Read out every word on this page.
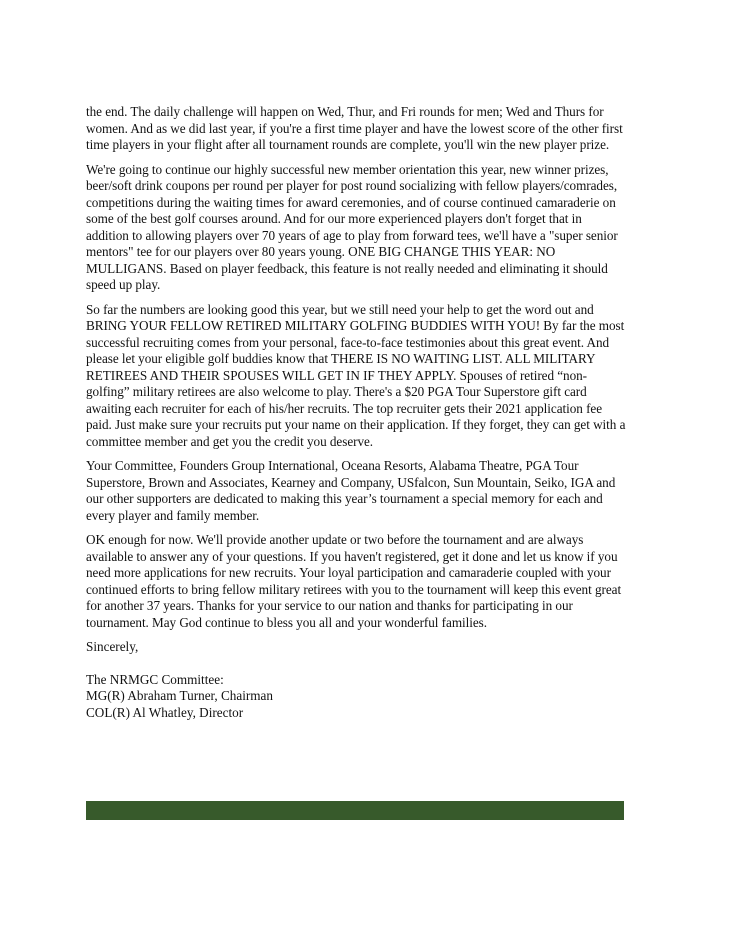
the end. The daily challenge will happen on Wed, Thur, and Fri rounds for men; Wed and Thurs for women. And as we did last year, if you're a first time player and have the lowest score of the other first time players in your flight after all tournament rounds are complete, you'll win the new player prize.

We're going to continue our highly successful new member orientation this year, new winner prizes, beer/soft drink coupons per round per player for post round socializing with fellow players/comrades, competitions during the waiting times for award ceremonies, and of course continued camaraderie on some of the best golf courses around. And for our more experienced players don't forget that in addition to allowing players over 70 years of age to play from forward tees, we'll have a "super senior mentors" tee for our players over 80 years young. ONE BIG CHANGE THIS YEAR: NO MULLIGANS. Based on player feedback, this feature is not really needed and eliminating it should speed up play.

So far the numbers are looking good this year, but we still need your help to get the word out and BRING YOUR FELLOW RETIRED MILITARY GOLFING BUDDIES WITH YOU! By far the most successful recruiting comes from your personal, face-to-face testimonies about this great event. And please let your eligible golf buddies know that THERE IS NO WAITING LIST. ALL MILITARY RETIREES AND THEIR SPOUSES WILL GET IN IF THEY APPLY. Spouses of retired “non-golfing” military retirees are also welcome to play. There's a $20 PGA Tour Superstore gift card awaiting each recruiter for each of his/her recruits. The top recruiter gets their 2021 application fee paid. Just make sure your recruits put your name on their application. If they forget, they can get with a committee member and get you the credit you deserve.

Your Committee, Founders Group International, Oceana Resorts, Alabama Theatre, PGA Tour Superstore, Brown and Associates, Kearney and Company, USfalcon, Sun Mountain, Seiko, IGA and our other supporters are dedicated to making this year’s tournament a special memory for each and every player and family member.

OK enough for now. We'll provide another update or two before the tournament and are always available to answer any of your questions. If you haven't registered, get it done and let us know if you need more applications for new recruits. Your loyal participation and camaraderie coupled with your continued efforts to bring fellow military retirees with you to the tournament will keep this event great for another 37 years. Thanks for your service to our nation and thanks for participating in our tournament. May God continue to bless you all and your wonderful families.

Sincerely,

The NRMGC Committee:

MG(R) Abraham Turner, Chairman

COL(R) Al Whatley, Director
